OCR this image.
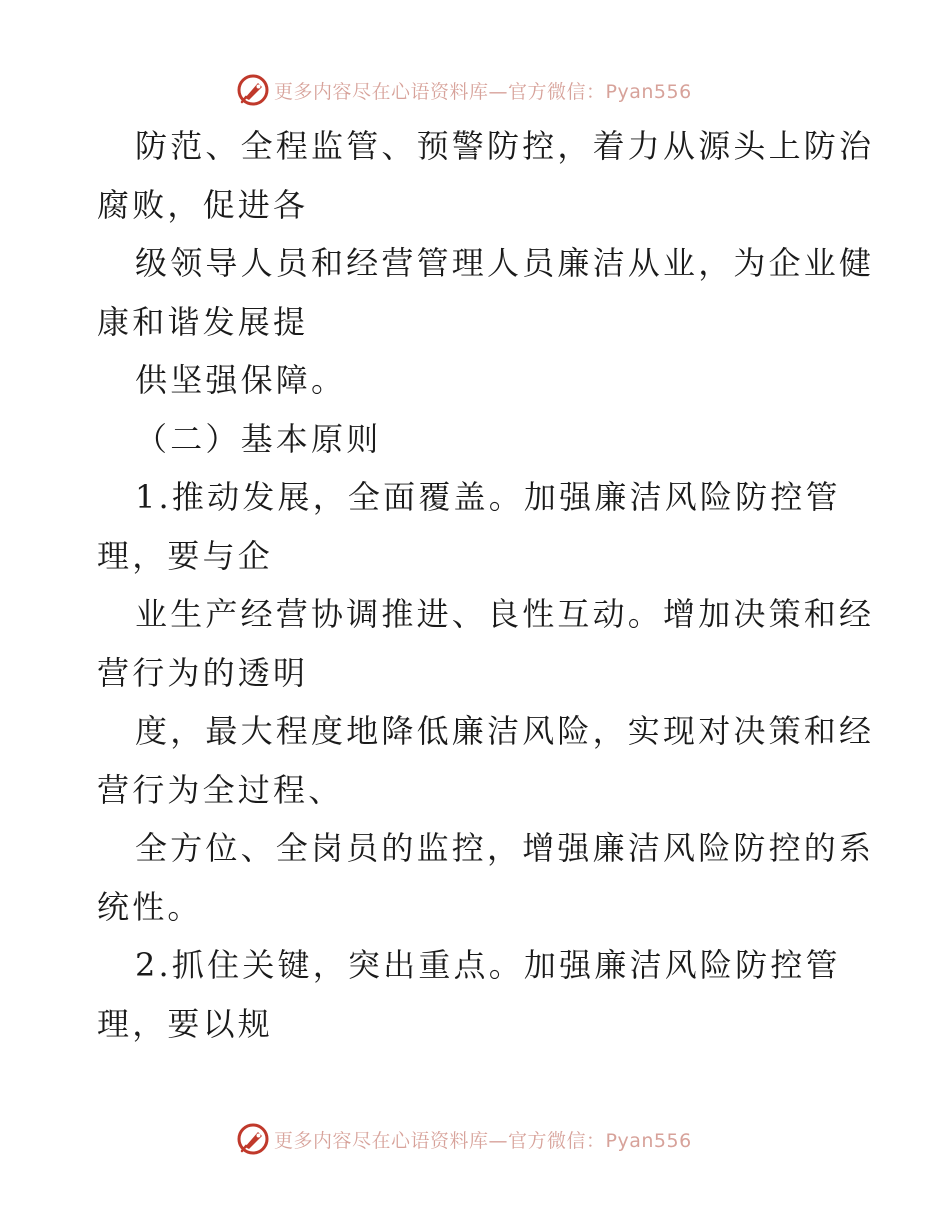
更多内容尽在心语资料库—官方微信：Pyan556
防范、全程监管、预警防控，着力从源头上防治
腐败，促进各
级领导人员和经营管理人员廉洁从业，为企业健
康和谐发展提
供坚强保障。
（二）基本原则
1.推动发展，全面覆盖。加强廉洁风险防控管
理，要与企
业生产经营协调推进、良性互动。增加决策和经
营行为的透明
度，最大程度地降低廉洁风险，实现对决策和经
营行为全过程、
全方位、全岗员的监控，增强廉洁风险防控的系
统性。
2.抓住关键，突出重点。加强廉洁风险防控管
理，要以规
更多内容尽在心语资料库—官方微信：Pyan556
